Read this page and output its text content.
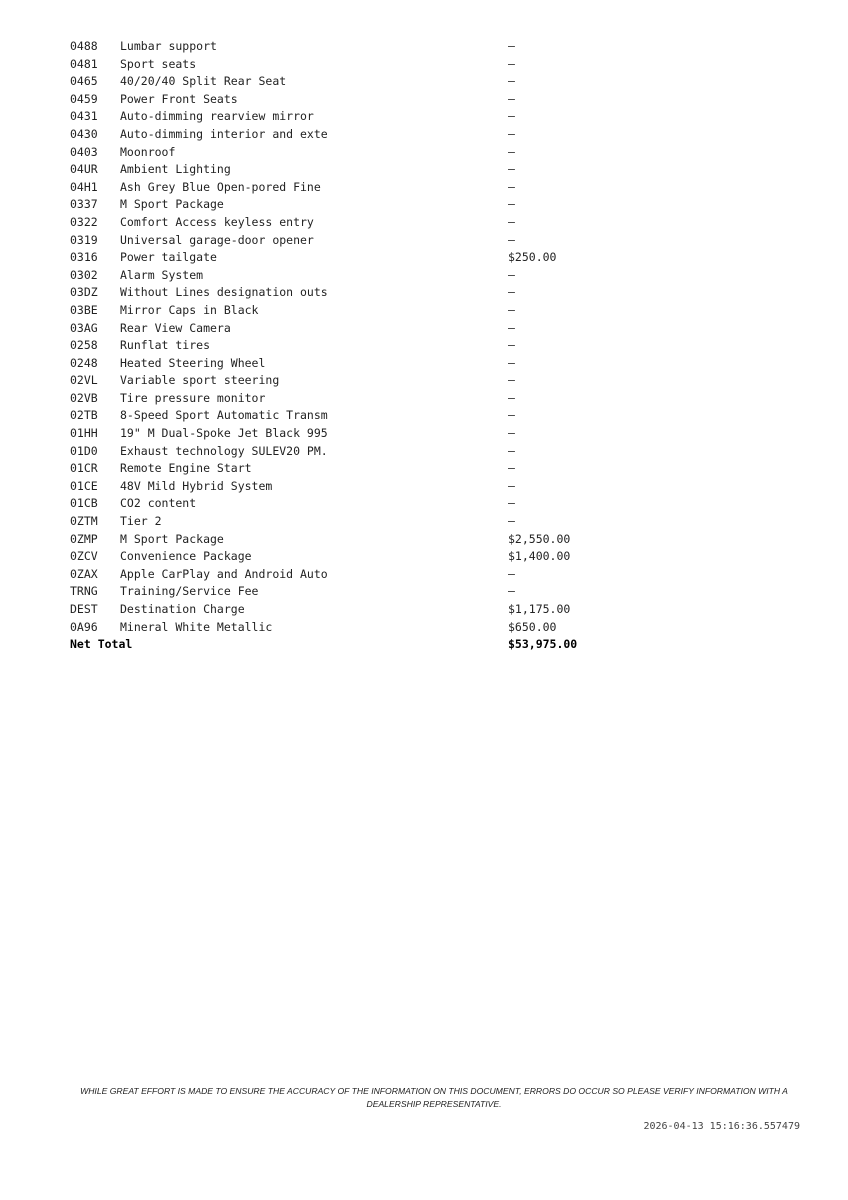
0488	Lumbar support	—
0481	Sport seats	—
0465	40/20/40 Split Rear Seat	—
0459	Power Front Seats	—
0431	Auto-dimming rearview mirror	—
0430	Auto-dimming interior and exte	—
0403	Moonroof	—
04UR	Ambient Lighting	—
04H1	Ash Grey Blue Open-pored Fine	—
0337	M Sport Package	—
0322	Comfort Access keyless entry	—
0319	Universal garage-door opener	—
0316	Power tailgate	$250.00
0302	Alarm System	—
03DZ	Without Lines designation outs	—
03BE	Mirror Caps in Black	—
03AG	Rear View Camera	—
0258	Runflat tires	—
0248	Heated Steering Wheel	—
02VL	Variable sport steering	—
02VB	Tire pressure monitor	—
02TB	8-Speed Sport Automatic Transm	—
01HH	19" M Dual-Spoke Jet Black 995	—
01D0	Exhaust technology SULEV20 PM.	—
01CR	Remote Engine Start	—
01CE	48V Mild Hybrid System	—
01CB	CO2 content	—
0ZTM	Tier 2	—
0ZMP	M Sport Package	$2,550.00
0ZCV	Convenience Package	$1,400.00
0ZAX	Apple CarPlay and Android Auto	—
TRNG	Training/Service Fee	—
DEST	Destination Charge	$1,175.00
0A96	Mineral White Metallic	$650.00
Net Total		$53,975.00
WHILE GREAT EFFORT IS MADE TO ENSURE THE ACCURACY OF THE INFORMATION ON THIS DOCUMENT, ERRORS DO OCCUR SO PLEASE VERIFY INFORMATION WITH A DEALERSHIP REPRESENTATIVE.
2026-04-13 15:16:36.557479
